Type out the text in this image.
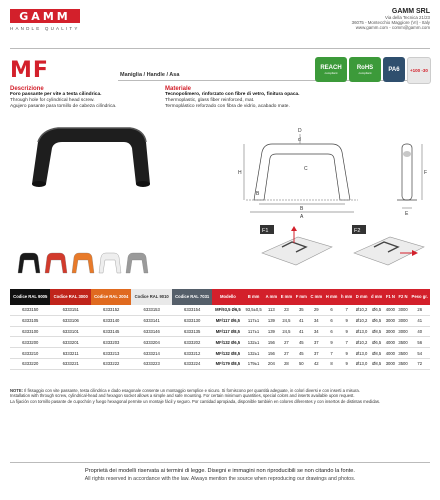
GAMM
HANDLE QUALITY
GAMM SRL
Via della Tecnica 21/23
36075 - Montecchio Maggiore (VI) - Italy
www.gamm.com - comm@gamm.com
MF	Maniglia / Handle / Asa
REACH
compliant
RoHS
compliant	PA6 +100 -30
Descrizione
Foro passante per vite a testa cilindrica.
Through hole for cylindrical head screw.
Agujero pasante para tornillo de cabeza cilíndrica.
Materiale
Tecnopolimero, rinforzato con fibre di vetro, finitura opaca.
Thermoplastic, glass fiber reinforced, mat.
Termoplástico reforzado con fibra de vidrio, acabado mate.
D
d
C
H
B
B
A
F
E
F1	F2
Codice RAL 9005	Codice RAL 3000	Codice RAL 2004	Codice RAL 9010	Codice RAL 7031	Modello	B mm	A mm	E mm	F mm	C mm	H mm	h mm	D mm	d mm	F1 N	F2 N	Peso gr.
6333150	6333151	6333152	6333153	6333154	MF/93,5 Ø6,5	93,5±0,5	113	23	35	29	6	7	Ø10,2	Ø6,5	4000	3000	26
6333105	6333106	6333140	6333141	6333130	MF/117 Ø6,5	117±1	139	24,5	41	34	6	9	Ø10,2	Ø6,5	3000	3000	41
6333100	6333101	6333145	6333146	6333135	MF/117 Ø8,5	117±1	139	24,5	41	34	6	9	Ø13,0	Ø8,5	3000	3000	40
6333200	6333201	6333203	6333204	6333202	MF/132 Ø6,5	132±1	156	27	45	37	9	7	Ø10,2	Ø6,5	4000	3500	56
6333210	6333211	6333213	6333214	6333212	MF/132 Ø8,5	132±1	156	27	45	37	7	9	Ø13,0	Ø8,5	4000	3500	54
6333220	6333221	6333222	6333223	6333224	MF/179 Ø8,5	179±1	204	28	50	42	8	9	Ø13,0	Ø8,5	3000	3500	72
NOTE: Il fissaggio con vite passante, testa cilindrica e dado esagonale consente un montaggio semplice e sicuro. Si forniscono per quantità adeguate, in colori diversi e con inserti a misura.
Installation with through screw, cylindrical-head and hexagon socket allows a simple and safe mounting. For certain minimum quantities, special colors and inserts available upon request.
La fijación con tornillo pasante de cupochón y fuego hexagonal permite un montaje fácil y seguro. Por cantidad apropiada, disponible también en colores diferentes y con insertos de distintas medidas.
Proprietà dei modelli riservata ai termini di legge. Disegni e immagini non riproducibili se non citando la fonte.
All rights reserved in accordance with the law. Always mention the source when reproducing our drawings and photos.
